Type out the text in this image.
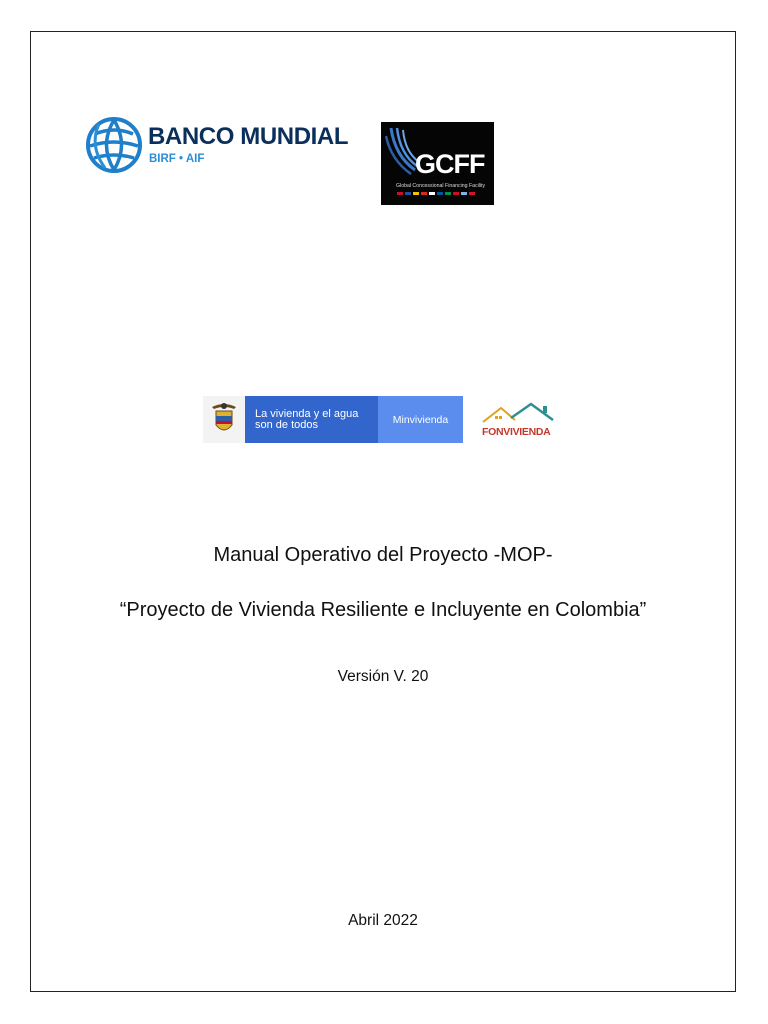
BANCO MUNDIAL
BIRF • AIF	GCFF
Global Concessional Financing Facility
La vivienda y el agua
son de todos	Minvivienda
FONVIVIENDA
Manual Operativo del Proyecto -MOP-
“Proyecto de Vivienda Resiliente e Incluyente en Colombia”
Versión V. 20
Abril 2022
